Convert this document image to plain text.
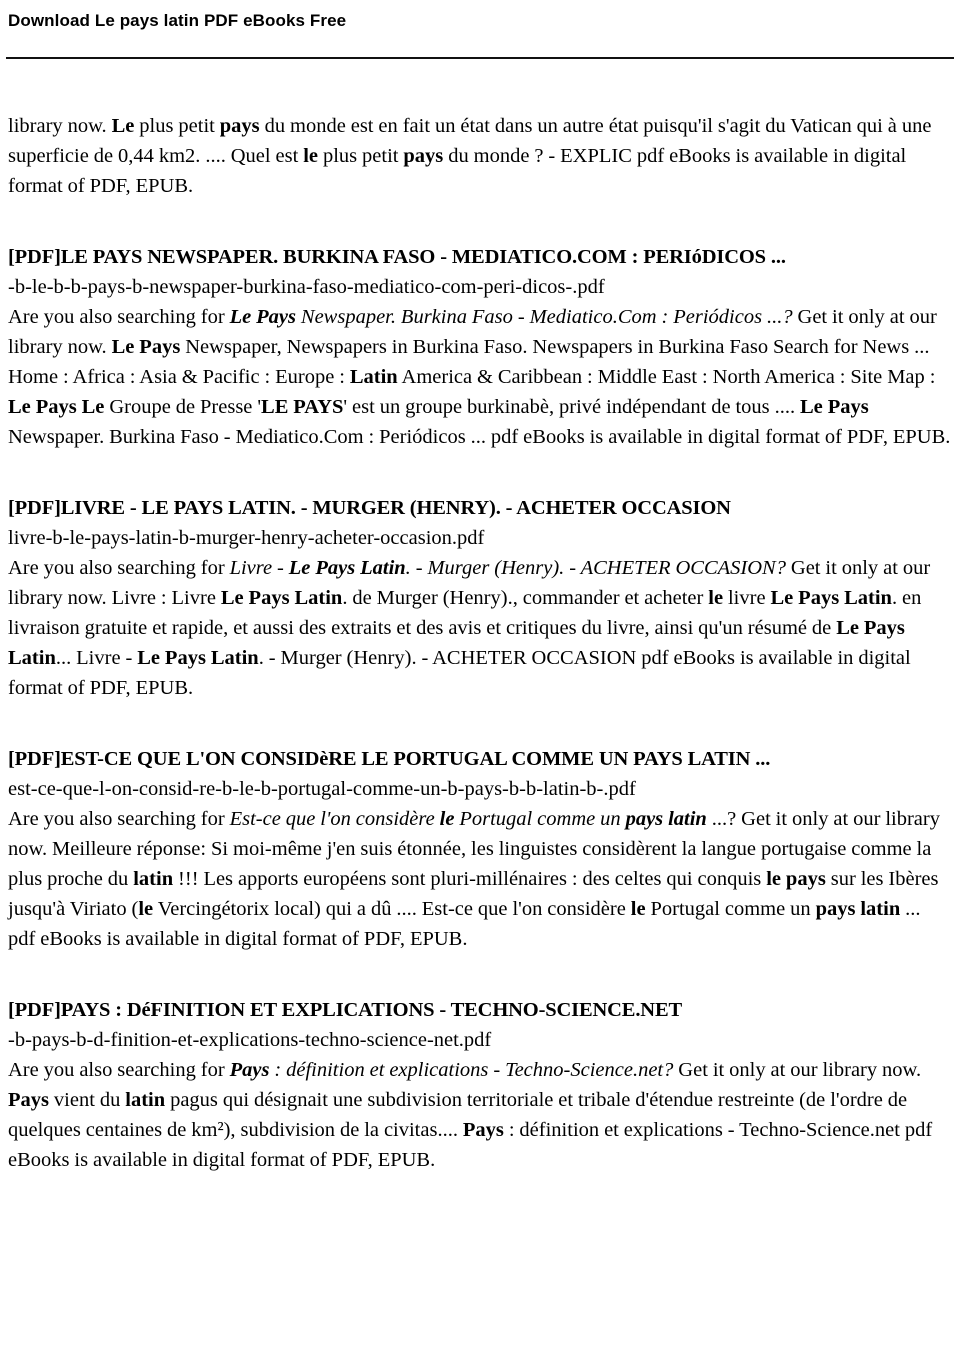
Download Le pays latin PDF eBooks Free

library now. Le plus petit pays du monde est en fait un état dans un autre état puisqu'il s'agit du Vatican qui à une superficie de 0,44 km2. .... Quel est le plus petit pays du monde ? - EXPLIC pdf eBooks is available in digital format of PDF, EPUB.

[PDF]LE PAYS NEWSPAPER. BURKINA FASO - MEDIATICO.COM : PERIóDICOS ...

-b-le-b-b-pays-b-newspaper-burkina-faso-mediatico-com-peri-dicos-.pdf

Are you also searching for Le Pays Newspaper. Burkina Faso - Mediatico.Com : Periódicos ...? Get it only at our library now. Le Pays Newspaper, Newspapers in Burkina Faso. Newspapers in Burkina Faso Search for News ... Home : Africa : Asia & Pacific : Europe : Latin America & Caribbean : Middle East : North America : Site Map : Le Pays Le Groupe de Presse 'LE PAYS' est un groupe burkinabè, privé indépendant de tous .... Le Pays Newspaper. Burkina Faso - Mediatico.Com : Periódicos ... pdf eBooks is available in digital format of PDF, EPUB.

[PDF]LIVRE - LE PAYS LATIN. - MURGER (HENRY). - ACHETER OCCASION

livre-b-le-pays-latin-b-murger-henry-acheter-occasion.pdf

Are you also searching for Livre - Le Pays Latin. - Murger (Henry). - ACHETER OCCASION? Get it only at our library now. Livre : Livre Le Pays Latin. de Murger (Henry)., commander et acheter le livre Le Pays Latin. en livraison gratuite et rapide, et aussi des extraits et des avis et critiques du livre, ainsi qu'un résumé de Le Pays Latin... Livre - Le Pays Latin. - Murger (Henry). - ACHETER OCCASION pdf eBooks is available in digital format of PDF, EPUB.

[PDF]EST-CE QUE L'ON CONSIDèRE LE PORTUGAL COMME UN PAYS LATIN ...

est-ce-que-l-on-consid-re-b-le-b-portugal-comme-un-b-pays-b-b-latin-b-.pdf

Are you also searching for Est-ce que l'on considère le Portugal comme un pays latin ...? Get it only at our library now. Meilleure réponse: Si moi-même j'en suis étonnée, les linguistes considèrent la langue portugaise comme la plus proche du latin !!! Les apports européens sont pluri-millénaires : des celtes qui conquis le pays sur les Ibères jusqu'à Viriato (le Vercingétorix local) qui a dû .... Est-ce que l'on considère le Portugal comme un pays latin ... pdf eBooks is available in digital format of PDF, EPUB.

[PDF]PAYS : DéFINITION ET EXPLICATIONS - TECHNO-SCIENCE.NET

-b-pays-b-d-finition-et-explications-techno-science-net.pdf

Are you also searching for Pays : définition et explications - Techno-Science.net? Get it only at our library now. Pays vient du latin pagus qui désignait une subdivision territoriale et tribale d'étendue restreinte (de l'ordre de quelques centaines de km²), subdivision de la civitas.... Pays : définition et explications - Techno-Science.net pdf eBooks is available in digital format of PDF, EPUB.
